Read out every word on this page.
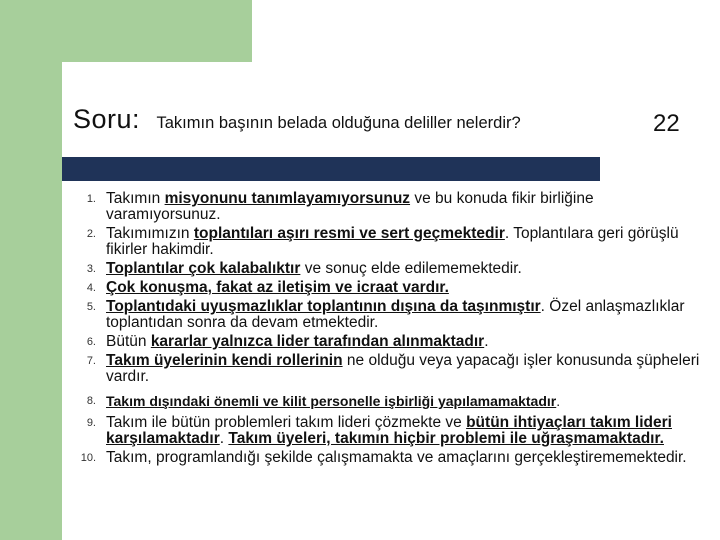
Soru: Takımın başının belada olduğuna deliller nelerdir?	22
1. Takımın misyonunu tanımlayamıyorsunuz ve bu konuda fikir birliğine varamıyorsunuz.
2. Takımımızın toplantıları aşırı resmi ve sert geçmektedir. Toplantılara geri görüşlü fikirler hakimdir.
3. Toplantılar çok kalabalıktır ve sonuç elde edilememektedir.
4. Çok konuşma, fakat az iletişim ve icraat vardır.
5. Toplantıdaki uyuşmazlıklar toplantının dışına da taşınmıştır. Özel anlaşmazlıklar toplantıdan sonra da devam etmektedir.
6. Bütün kararlar yalnızca lider tarafından alınmaktadır.
7. Takım üyelerinin kendi rollerinin ne olduğu veya yapacağı işler konusunda şüpheleri vardır.
8. Takım dışındaki önemli ve kilit personelle işbirliği yapılamamaktadır.
9. Takım ile bütün problemleri takım lideri çözmekte ve bütün ihtiyaçları takım lideri karşılamaktadır. Takım üyeleri, takımın hiçbir problemi ile uğraşmamaktadır.
10. Takım, programlandığı şekilde çalışmamakta ve amaçlarını gerçekleştirememektedir.
